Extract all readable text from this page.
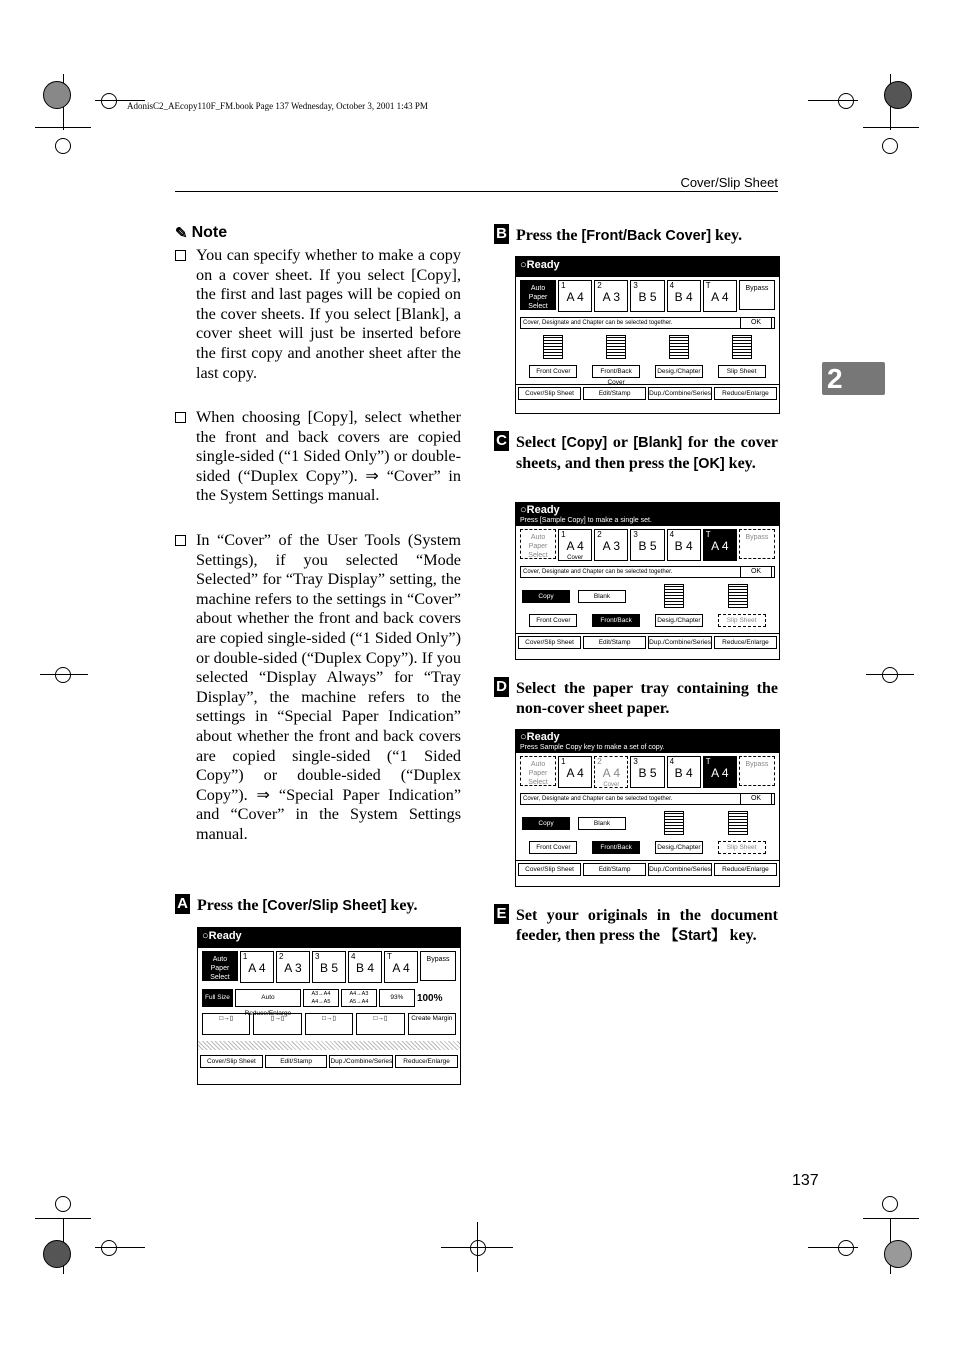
AdonisC2_AEcopy110F_FM.book Page 137 Wednesday, October 3, 2001 1:43 PM
Cover/Slip Sheet
2
✎ Note
You can specify whether to make a copy on a cover sheet. If you select [Copy], the first and last pages will be copied on the cover sheets. If you select [Blank], a cover sheet will just be inserted before the first copy and another sheet after the last copy.
When choosing [Copy], select whether the front and back covers are copied single-sided (“1 Sided Only”) or double-sided (“Duplex Copy”). ⇒ “Cover” in the System Settings manual.
In “Cover” of the User Tools (System Settings), if you selected “Mode Selected” for “Tray Display” setting, the machine refers to the settings in “Cover” about whether the front and back covers are copied single-sided (“1 Sided Only”) or double-sided (“Duplex Copy”). If you selected “Display Always” for “Tray Display”, the machine refers to the settings in “Special Paper Indication” about whether the front and back covers are copied single-sided (“1 Sided Copy”) or double-sided (“Duplex Copy”). ⇒ “Special Paper Indication” and “Cover” in the System Settings manual.
A Press the [Cover/Slip Sheet] key.
○Ready
Auto Paper Select
1
A 4
2
A 3
3
B 5
4
B 4
T
A 4
Bypass
Full Size	Auto Reduce/Enlarge
A3→A4 A4→A5
A4→A3 A5→A4
93%	100%
□→▯	▯→▯	□→▯	□→▯	Create Margin
Cover/Slip Sheet	Edit/Stamp	Dup./Combine/Series	Reduce/Enlarge
B Press the [Front/Back Cover] key.
○Ready
Auto Paper Select
1
A 4
2
A 3
3
B 5
4
B 4
T
A 4
Bypass
Cover, Designate and Chapter can be selected together.	OK
Front Cover	Front/Back Cover
Desig./Chapter	Slip Sheet
Cover/Slip Sheet	Edit/Stamp	Dup./Combine/Series	Reduce/Enlarge
C Select [Copy] or [Blank] for the cover sheets, and then press the [OK] key.
○Ready
Press [Sample Copy] to make a single set.
Auto Paper Select
1
A 4
Cover
2
A 3
3
B 5
4
B 4
T
A 4
Bypass
Cover, Designate and Chapter can be selected together.	OK
Copy	Blank
Front Cover	Front/Back Cover
Desig./Chapter	Slip Sheet
Cover/Slip Sheet	Edit/Stamp	Dup./Combine/Series	Reduce/Enlarge
D Select the paper tray containing the non-cover sheet paper.
○Ready
Press Sample Copy key to make a set of copy.
Auto Paper Select
1
A 4
2
A 4
Cover
3
B 5
4
B 4
T
A 4
Bypass
Cover, Designate and Chapter can be selected together.	OK
Copy	Blank
Front Cover	Front/Back Cover
Desig./Chapter	Slip Sheet
Cover/Slip Sheet	Edit/Stamp	Dup./Combine/Series	Reduce/Enlarge
E Set your originals in the document feeder, then press the 【Start】 key.
137
